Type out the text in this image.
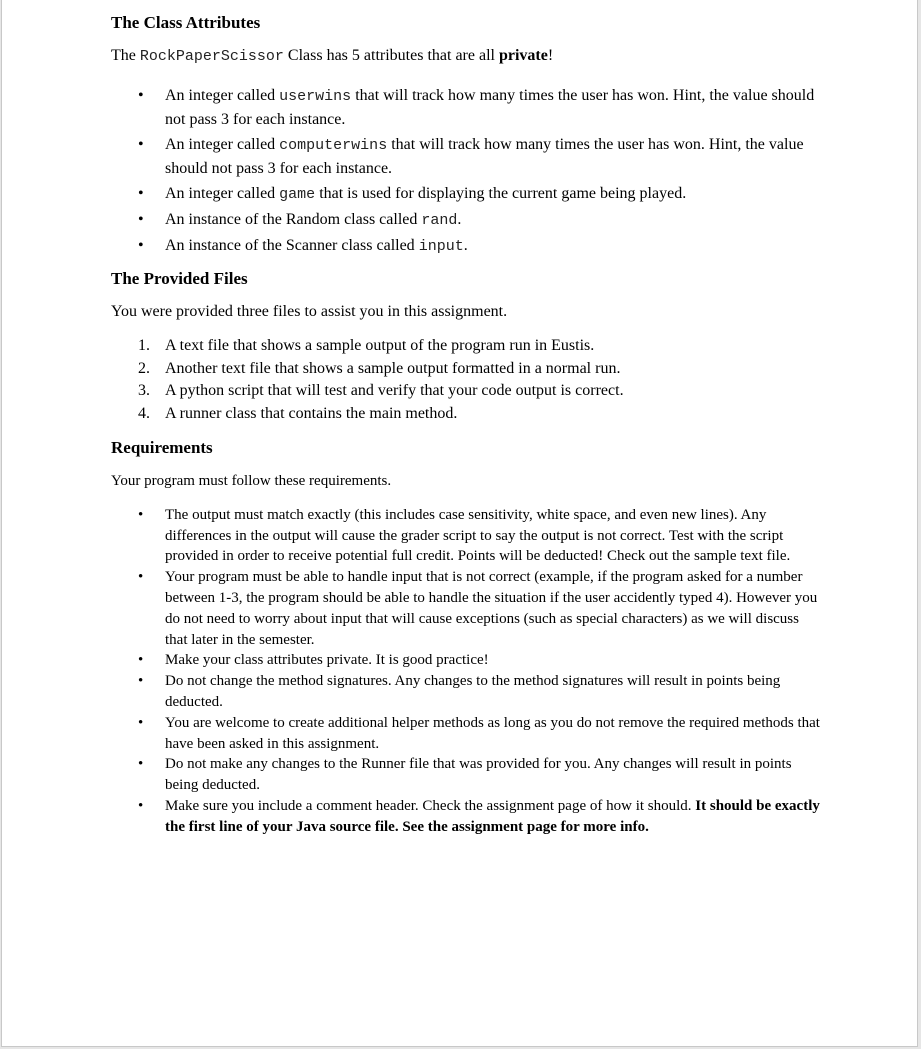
The Class Attributes

The RockPaperScissor Class has 5 attributes that are all private!

• An integer called userwins that will track how many times the user has won. Hint, the value should not pass 3 for each instance.
• An integer called computerwins that will track how many times the user has won. Hint, the value should not pass 3 for each instance.
• An integer called game that is used for displaying the current game being played.
• An instance of the Random class called rand.
• An instance of the Scanner class called input.
The Provided Files

You were provided three files to assist you in this assignment.

1. A text file that shows a sample output of the program run in Eustis.
2. Another text file that shows a sample output formatted in a normal run.
3. A python script that will test and verify that your code output is correct.
4. A runner class that contains the main method.
Requirements

Your program must follow these requirements.

• The output must match exactly (this includes case sensitivity, white space, and even new lines). Any differences in the output will cause the grader script to say the output is not correct. Test with the script provided in order to receive potential full credit. Points will be deducted! Check out the sample text file.
• Your program must be able to handle input that is not correct (example, if the program asked for a number between 1-3, the program should be able to handle the situation if the user accidently typed 4). However you do not need to worry about input that will cause exceptions (such as special characters) as we will discuss that later in the semester.
• Make your class attributes private. It is good practice!
• Do not change the method signatures. Any changes to the method signatures will result in points being deducted.
• You are welcome to create additional helper methods as long as you do not remove the required methods that have been asked in this assignment.
• Do not make any changes to the Runner file that was provided for you. Any changes will result in points being deducted.
• Make sure you include a comment header. Check the assignment page of how it should. It should be exactly the first line of your Java source file. See the assignment page for more info.
